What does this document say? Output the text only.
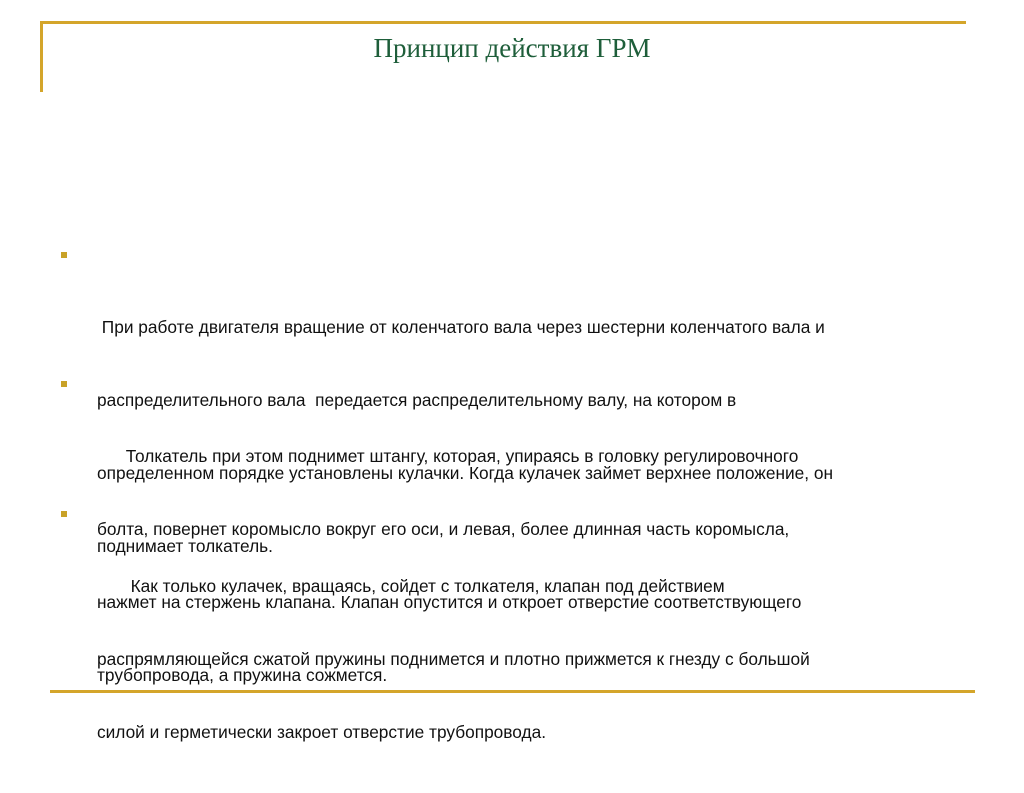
Принцип действия ГРМ

При работе двигателя вращение от коленчатого вала через шестерни коленчатого вала и

распределительного вала  передается распределительному валу, на котором в

определенном порядке установлены кулачки. Когда кулачек займет верхнее положение, он

поднимает толкатель.

Толкатель при этом поднимет штангу, которая, упираясь в головку регулировочного

болта, повернет коромысло вокруг его оси, и левая, более длинная часть коромысла,

нажмет на стержень клапана. Клапан опустится и откроет отверстие соответствующего

трубопровода, а пружина сожмется.

Как только кулачек, вращаясь, сойдет с толкателя, клапан под действием

распрямляющейся сжатой пружины поднимется и плотно прижмется к гнезду с большой

силой и герметически закроет отверстие трубопровода.
